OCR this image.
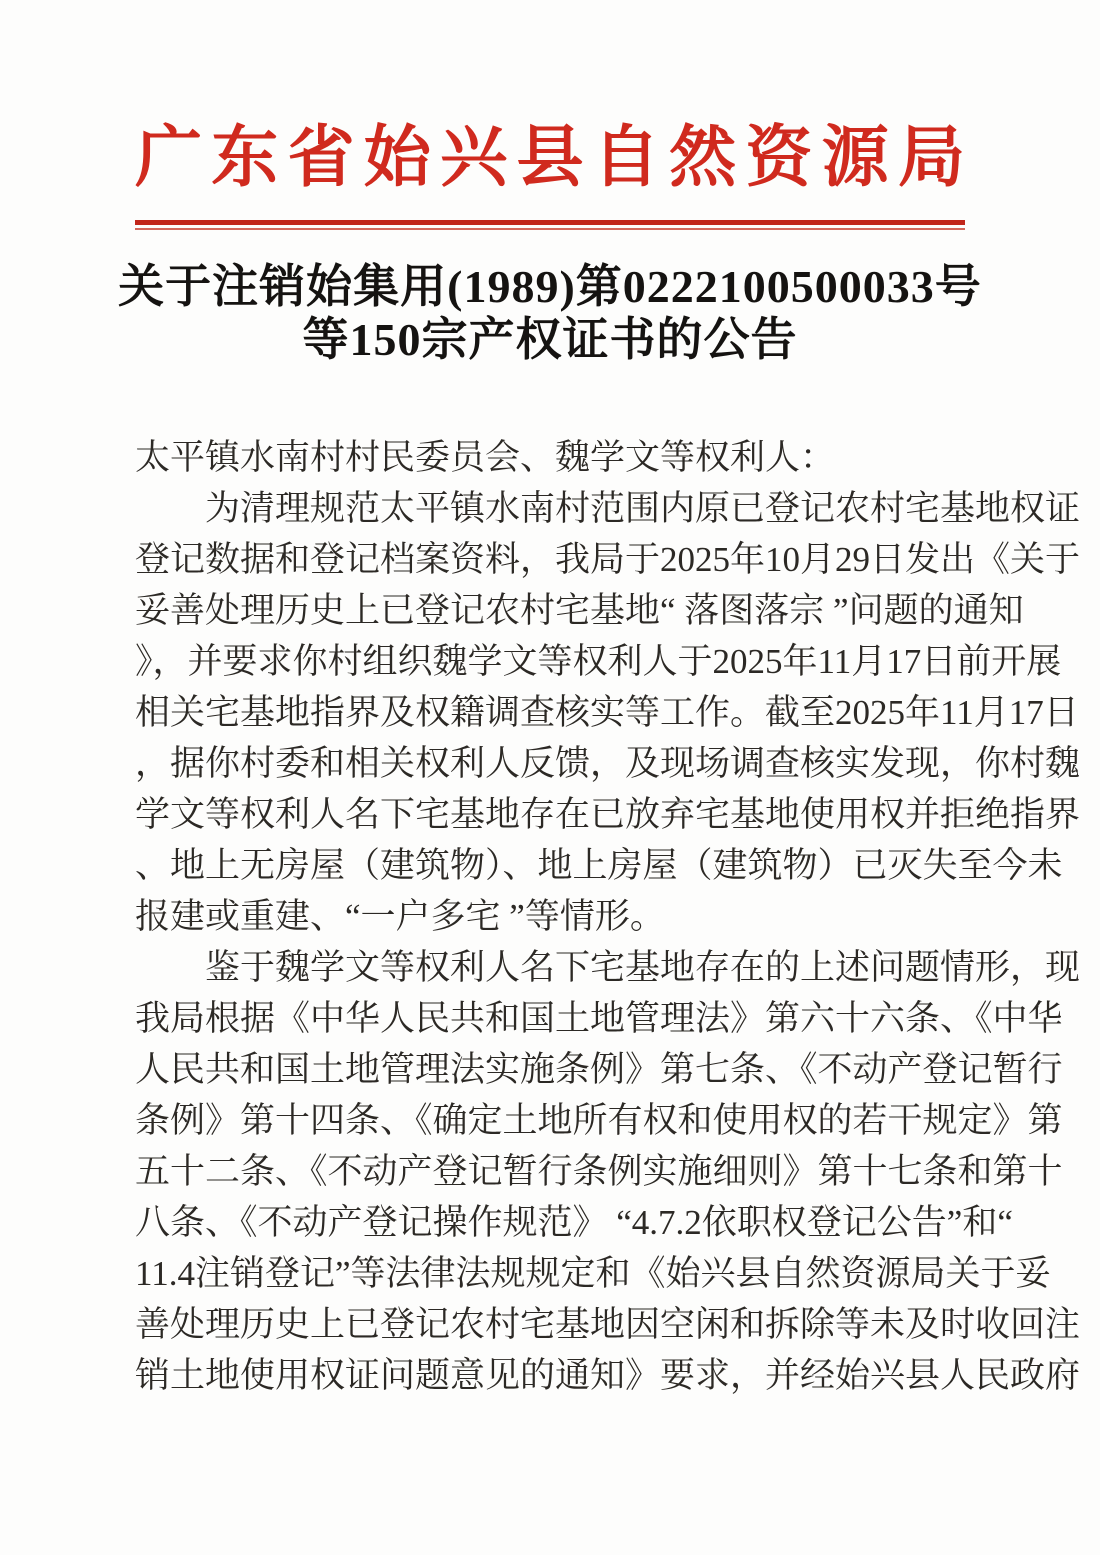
广东省始兴县自然资源局
关于注销始集用(1989)第0222100500033号
等150宗产权证书的公告
太平镇水南村村民委员会、魏学文等权利人：
为清理规范太平镇水南村范围内原已登记农村宅基地权证
登记数据和登记档案资料，我局于2025年10月29日发出《关于
妥善处理历史上已登记农村宅基地“ 落图落宗 ”问题的通知
》，并要求你村组织魏学文等权利人于2025年11月17日前开展
相关宅基地指界及权籍调查核实等工作。截至2025年11月17日
，据你村委和相关权利人反馈，及现场调查核实发现，你村魏
学文等权利人名下宅基地存在已放弃宅基地使用权并拒绝指界
、地上无房屋（建筑物）、地上房屋（建筑物）已灭失至今未
报建或重建、“一户多宅 ”等情形。
鉴于魏学文等权利人名下宅基地存在的上述问题情形，现
我局根据《中华人民共和国土地管理法》第六十六条、《中华
人民共和国土地管理法实施条例》第七条、《不动产登记暂行
条例》第十四条、《确定土地所有权和使用权的若干规定》第
五十二条、《不动产登记暂行条例实施细则》第十七条和第十
八条、《不动产登记操作规范》 “4.7.2依职权登记公告”和“
11.4注销登记”等法律法规规定和《始兴县自然资源局关于妥
善处理历史上已登记农村宅基地因空闲和拆除等未及时收回注
销土地使用权证问题意见的通知》要求，并经始兴县人民政府
